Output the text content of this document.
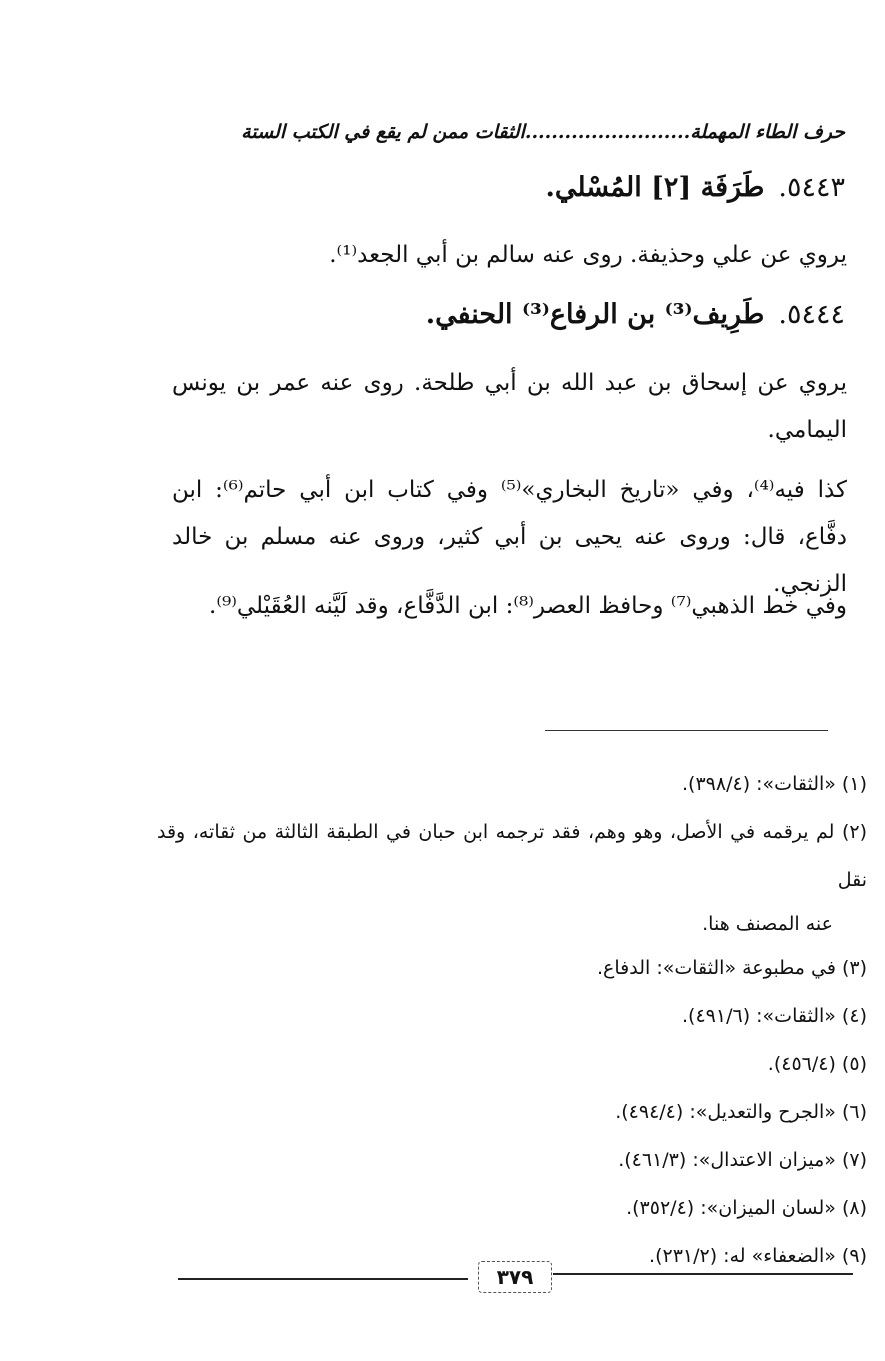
حرف الطاء المهملة.........................الثقات ممن لم يقع في الكتب الستة
٥٤٤٣.طَرَفَة [٢] المُسْلي.
يروي عن علي وحذيفة. روى عنه سالم بن أبي الجعد⁽¹⁾.
٥٤٤٤.طَرِيف⁽³⁾ بن الرفاع⁽³⁾ الحنفي.
يروي عن إسحاق بن عبد الله بن أبي طلحة. روى عنه عمر بن يونس اليمامي.
كذا فيه⁽⁴⁾، وفي «تاريخ البخاري»⁽⁵⁾ وفي كتاب ابن أبي حاتم⁽⁶⁾: ابن دفَّاع، قال: وروى عنه يحيى بن أبي كثير، وروى عنه مسلم بن خالد الزنجي.
وفي خط الذهبي⁽⁷⁾ وحافظ العصر⁽⁸⁾: ابن الدَّفَّاع، وقد لَيَّنه العُقَيْلي⁽⁹⁾.
(١) «الثقات»: (٣٩٨/٤).
(٢) لم يرقمه في الأصل، وهو وهم، فقد ترجمه ابن حبان في الطبقة الثالثة من ثقاته، وقد نقل
عنه المصنف هنا.
(٣) في مطبوعة «الثقات»: الدفاع.
(٤) «الثقات»: (٤٩١/٦).
(٥) (٤٥٦/٤).
(٦) «الجرح والتعديل»: (٤٩٤/٤).
(٧) «ميزان الاعتدال»: (٤٦١/٣).
(٨) «لسان الميزان»: (٣٥٢/٤).
(٩) «الضعفاء» له: (٢٣١/٢).
٣٧٩
